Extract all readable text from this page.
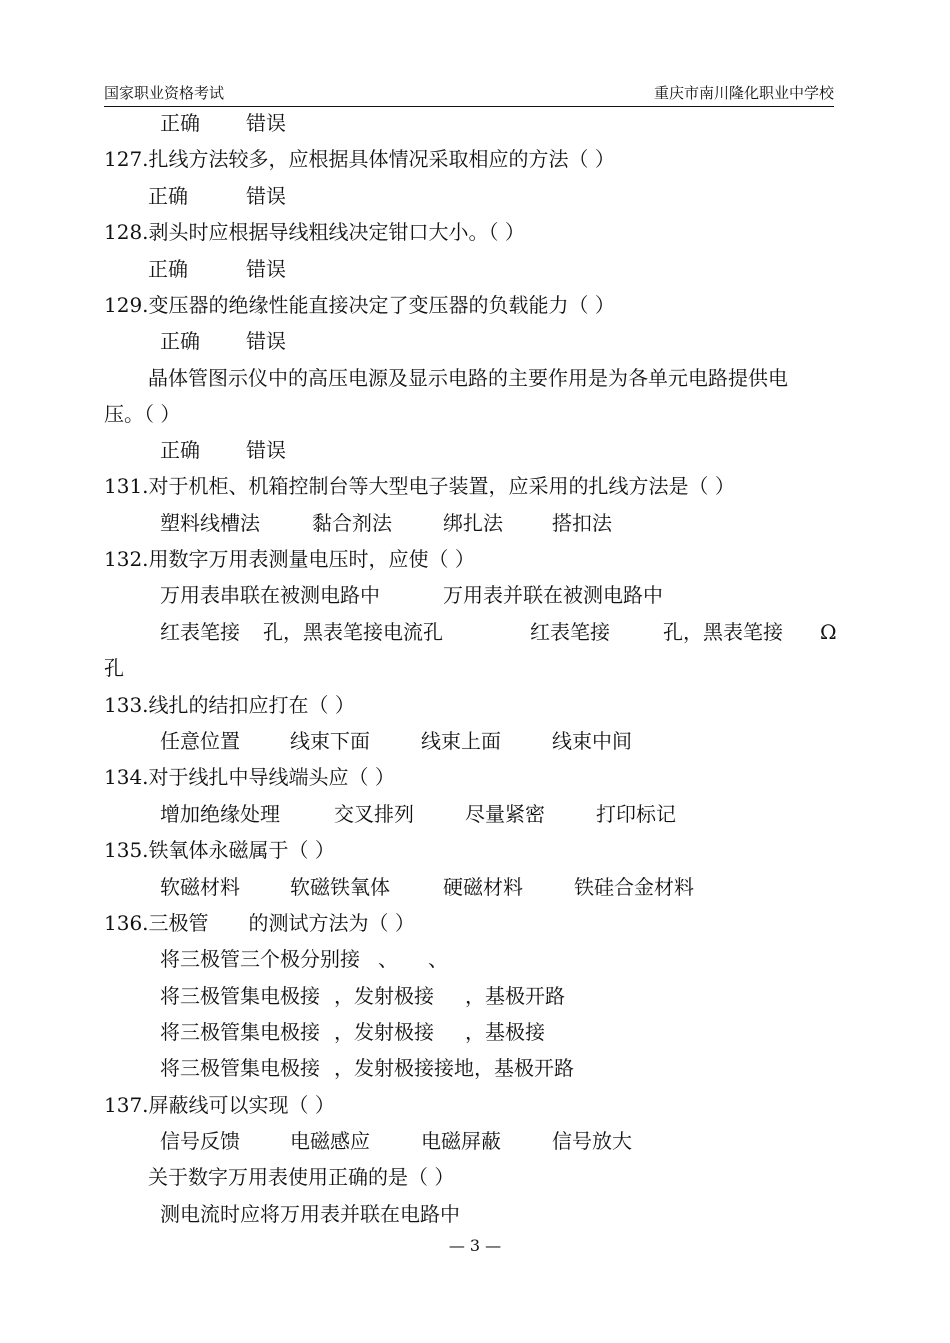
国家职业资格考试	重庆市南川隆化职业中学校
正确 错误
127.扎线方法较多，应根据具体情况采取相应的方法（ ）
正确	错误
128.剥头时应根据导线粗线决定钳口大小。（ ）
正确	错误
129.变压器的绝缘性能直接决定了变压器的负载能力（ ）
正确 错误
晶体管图示仪中的高压电源及显示电路的主要作用是为各单元电路提供电
压。（ ）
正确 错误
131.对于机柜、机箱控制台等大型电子装置，应采用的扎线方法是（ ）
塑料线槽法	黏合剂法	绑扎法 搭扣法
132.用数字万用表测量电压时，应使（ ）
万用表串联在被测电路中	万用表并联在被测电路中
红表笔接 孔，黑表笔接电流孔	红表笔接	孔，黑表笔接 Ω
孔
133.线扎的结扣应打在（ ）
任意位置	线束下面	线束上面	线束中间
134.对于线扎中导线端头应（ ）
增加绝缘处理	交叉排列	尽量紧密	打印标记
135.铁氧体永磁属于（ ）
软磁材料	软磁铁氧体	硬磁材料	铁硅合金材料
136.三极管　　的测试方法为（ ）
将三极管三个极分别接 、 、
将三极管集电极接 ，发射极接 ，基极开路
将三极管集电极接 ，发射极接 ，基极接
将三极管集电极接 ，发射极接接地，基极开路
137.屏蔽线可以实现（ ）
信号反馈	电磁感应	电磁屏蔽	信号放大
关于数字万用表使用正确的是（ ）
测电流时应将万用表并联在电路中
— 3 —
